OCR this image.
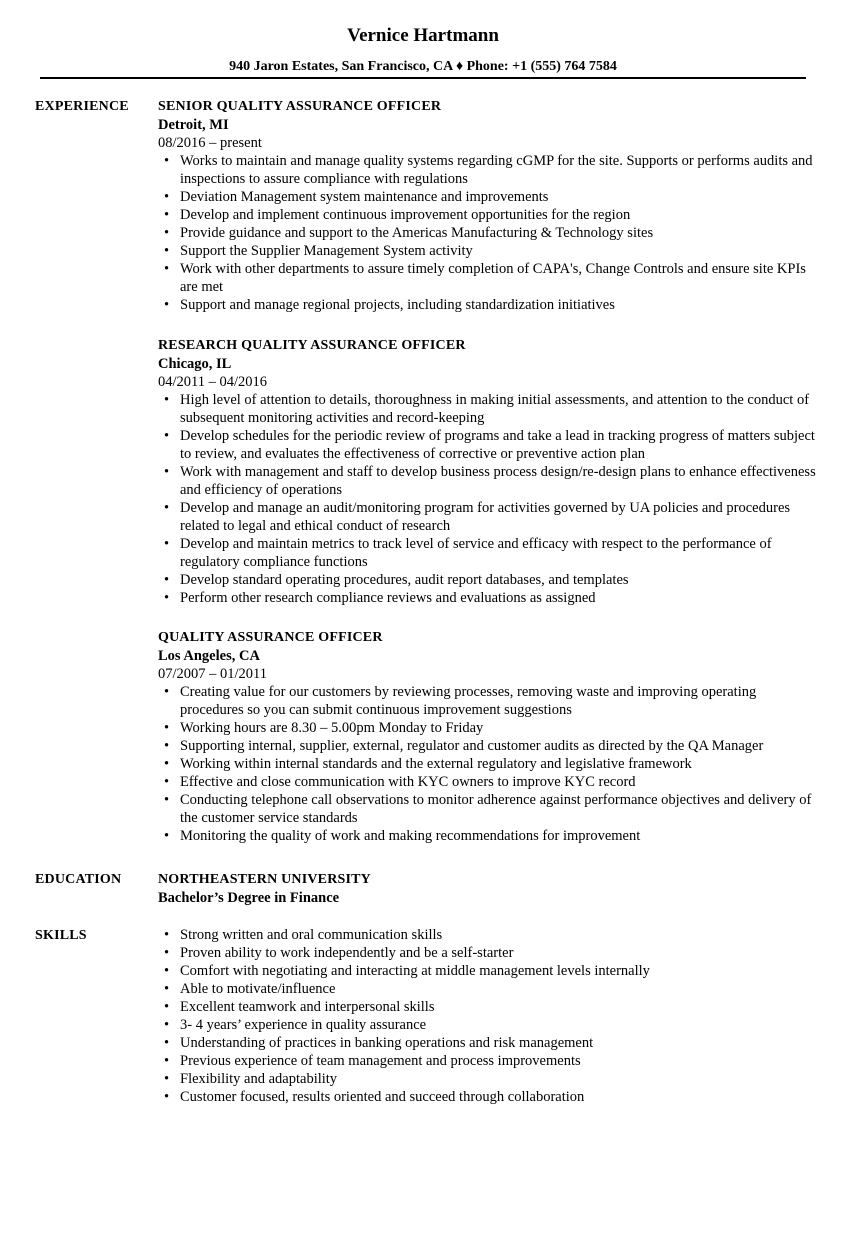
Vernice Hartmann
940 Jaron Estates, San Francisco, CA ♦ Phone: +1 (555) 764 7584
EXPERIENCE SENIOR QUALITY ASSURANCE OFFICER
Detroit, MI
08/2016 – present
• Works to maintain and manage quality systems regarding cGMP for the site. Supports or performs audits and inspections to assure compliance with regulations
• Deviation Management system maintenance and improvements
• Develop and implement continuous improvement opportunities for the region
• Provide guidance and support to the Americas Manufacturing & Technology sites
• Support the Supplier Management System activity
• Work with other departments to assure timely completion of CAPA's, Change Controls and ensure site KPIs are met
• Support and manage regional projects, including standardization initiatives
RESEARCH QUALITY ASSURANCE OFFICER
Chicago, IL
04/2011 – 04/2016
• High level of attention to details, thoroughness in making initial assessments, and attention to the conduct of subsequent monitoring activities and record-keeping
• Develop schedules for the periodic review of programs and take a lead in tracking progress of matters subject to review, and evaluates the effectiveness of corrective or preventive action plan
• Work with management and staff to develop business process design/re-design plans to enhance effectiveness and efficiency of operations
• Develop and manage an audit/monitoring program for activities governed by UA policies and procedures related to legal and ethical conduct of research
• Develop and maintain metrics to track level of service and efficacy with respect to the performance of regulatory compliance functions
• Develop standard operating procedures, audit report databases, and templates
• Perform other research compliance reviews and evaluations as assigned
QUALITY ASSURANCE OFFICER
Los Angeles, CA
07/2007 – 01/2011
• Creating value for our customers by reviewing processes, removing waste and improving operating procedures so you can submit continuous improvement suggestions
• Working hours are 8.30 – 5.00pm Monday to Friday
• Supporting internal, supplier, external, regulator and customer audits as directed by the QA Manager
• Working within internal standards and the external regulatory and legislative framework
• Effective and close communication with KYC owners to improve KYC record
• Conducting telephone call observations to monitor adherence against performance objectives and delivery of the customer service standards
• Monitoring the quality of work and making recommendations for improvement
EDUCATION	NORTHEASTERN UNIVERSITY
Bachelor’s Degree in Finance
SKILLS
•	Strong written and oral communication skills
• Proven ability to work independently and be a self-starter
• Comfort with negotiating and interacting at middle management levels internally
• Able to motivate/influence
• Excellent teamwork and interpersonal skills
• 3- 4 years’ experience in quality assurance
• Understanding of practices in banking operations and risk management
• Previous experience of team management and process improvements
• Flexibility and adaptability
• Customer focused, results oriented and succeed through collaboration
